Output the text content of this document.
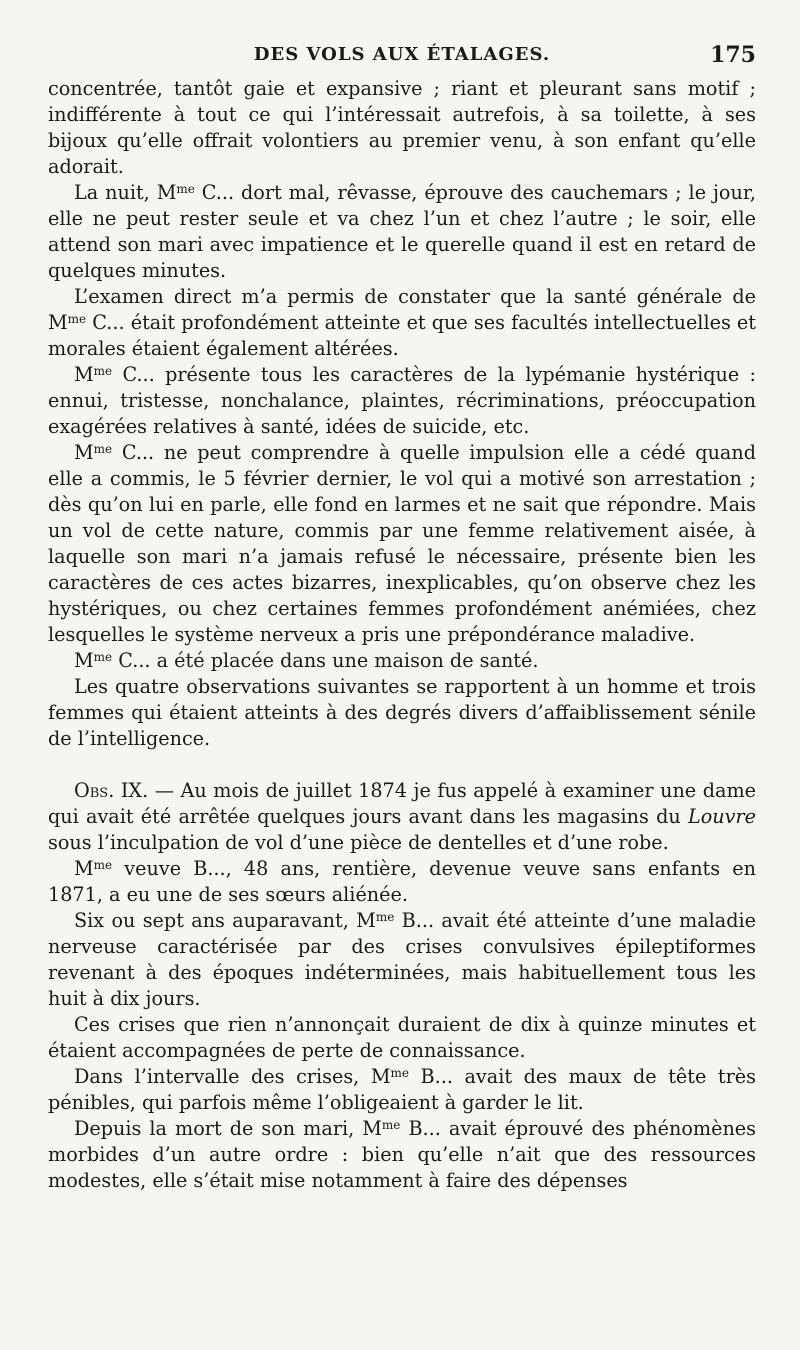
DES VOLS AUX ÉTALAGES.	175

concentrée, tantôt gaie et expansive ; riant et pleurant sans motif ; indifférente à tout ce qui l’intéressait autrefois, à sa toilette, à ses bijoux qu’elle offrait volontiers au premier venu, à son enfant qu’elle adorait.

La nuit, $M^{me}$ C... dort mal, rêvasse, éprouve des cauchemars ; le jour, elle ne peut rester seule et va chez l’un et chez l’autre ; le soir, elle attend son mari avec impatience et le querelle quand il est en retard de quelques minutes.

L’examen direct m’a permis de constater que la santé générale de $M^{me}$ C... était profondément atteinte et que ses facultés intellectuelles et morales étaient également altérées.

$M^{me}$ C... présente tous les caractères de la lypémanie hystérique : ennui, tristesse, nonchalance, plaintes, récriminations, préoccupation exagérées relatives à santé, idées de suicide, etc.

$M^{me}$ C... ne peut comprendre à quelle impulsion elle a cédé quand elle a commis, le 5 février dernier, le vol qui a motivé son arrestation ; dès qu’on lui en parle, elle fond en larmes et ne sait que répondre. Mais un vol de cette nature, commis par une femme relativement aisée, à laquelle son mari n’a jamais refusé le nécessaire, présente bien les caractères de ces actes bizarres, inexplicables, qu’on observe chez les hystériques, ou chez certaines femmes profondément anémiées, chez lesquelles le système nerveux a pris une prépondérance maladive.

$M^{me}$ C... a été placée dans une maison de santé.

Les quatre observations suivantes se rapportent à un homme et trois femmes qui étaient atteints à des degrés divers d’affaiblissement sénile de l’intelligence.

Obs. IX. — Au mois de juillet 1874 je fus appelé à examiner une dame qui avait été arrêtée quelques jours avant dans les magasins du Louvre sous l’inculpation de vol d’une pièce de dentelles et d’une robe.

$M^{me}$ veuve B..., 48 ans, rentière, devenue veuve sans enfants en 1871, a eu une de ses sœurs aliénée.

Six ou sept ans auparavant, $M^{me}$ B... avait été atteinte d’une maladie nerveuse caractérisée par des crises convulsives épileptiformes revenant à des époques indéterminées, mais habituellement tous les huit à dix jours.

Ces crises que rien n’annonçait duraient de dix à quinze minutes et étaient accompagnées de perte de connaissance.

Dans l’intervalle des crises, $M^{me}$ B... avait des maux de tête très pénibles, qui parfois même l’obligeaient à garder le lit.

Depuis la mort de son mari, $M^{me}$ B... avait éprouvé des phénomènes morbides d’un autre ordre : bien qu’elle n’ait que des ressources modestes, elle s’était mise notamment à faire des dépenses
